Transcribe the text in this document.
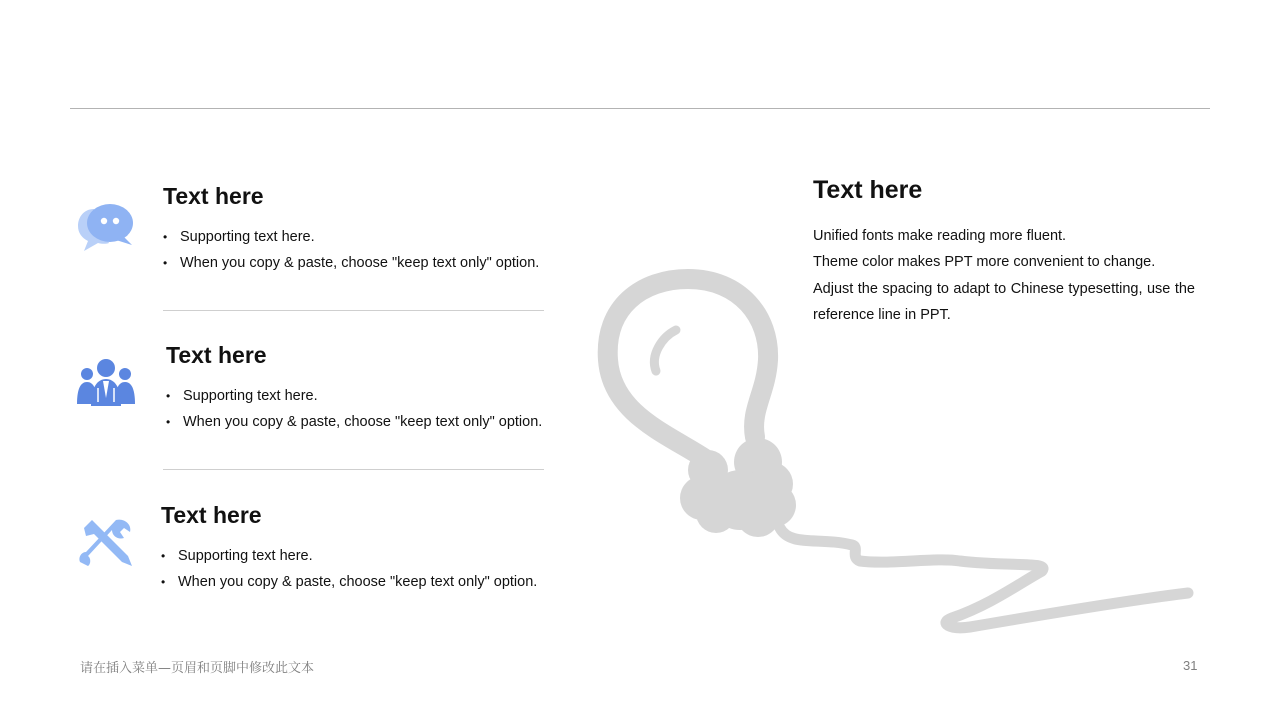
Text here
• Supporting text here.
• When you copy & paste, choose "keep text only" option.
Text here
• Supporting text here.
• When you copy & paste, choose "keep text only" option.
Text here
• Supporting text here.
• When you copy & paste, choose "keep text only" option.
Text here

Unified fonts make reading more fluent.
Theme color makes PPT more convenient to change.
Adjust the spacing to adapt to Chinese typesetting, use the
reference line in PPT.

请在插入菜单—页眉和页脚中修改此文本	31
